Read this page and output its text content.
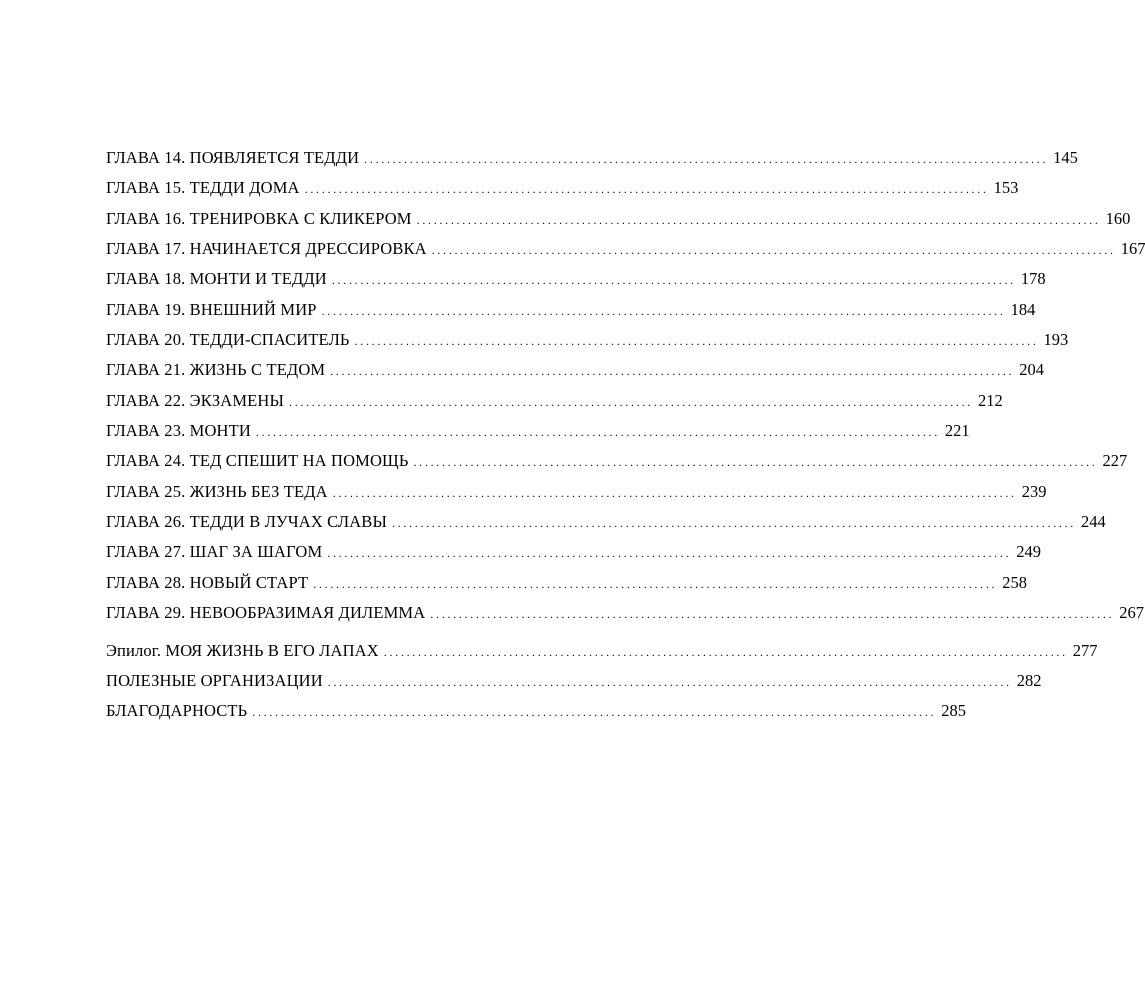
ГЛАВА 14. ПОЯВЛЯЕТСЯ ТЕДДИ ........................................................................................................................ 145
ГЛАВА 15. ТЕДДИ ДОМА ........................................................................................................................ 153
ГЛАВА 16. ТРЕНИРОВКА С КЛИКЕРОМ ........................................................................................................................ 160
ГЛАВА 17. НАЧИНАЕТСЯ ДРЕССИРОВКА ........................................................................................................................ 167
ГЛАВА 18. МОНТИ И ТЕДДИ ........................................................................................................................ 178
ГЛАВА 19. ВНЕШНИЙ МИР ........................................................................................................................ 184
ГЛАВА 20. ТЕДДИ-СПАСИТЕЛЬ ........................................................................................................................ 193
ГЛАВА 21. ЖИЗНЬ С ТЕДОМ ........................................................................................................................ 204
ГЛАВА 22. ЭКЗАМЕНЫ ........................................................................................................................ 212
ГЛАВА 23. МОНТИ ........................................................................................................................ 221
ГЛАВА 24. ТЕД СПЕШИТ НА ПОМОЩЬ ........................................................................................................................ 227
ГЛАВА 25. ЖИЗНЬ БЕЗ ТЕДА ........................................................................................................................ 239
ГЛАВА 26. ТЕДДИ В ЛУЧАХ СЛАВЫ ........................................................................................................................ 244
ГЛАВА 27. ШАГ ЗА ШАГОМ ........................................................................................................................ 249
ГЛАВА 28. НОВЫЙ СТАРТ ........................................................................................................................ 258
ГЛАВА 29. НЕВООБРАЗИМАЯ ДИЛЕММА ........................................................................................................................ 267
Эпилог. МОЯ ЖИЗНЬ В ЕГО ЛАПАХ ........................................................................................................................ 277
ПОЛЕЗНЫЕ ОРГАНИЗАЦИИ ........................................................................................................................ 282
БЛАГОДАРНОСТЬ ........................................................................................................................ 285
